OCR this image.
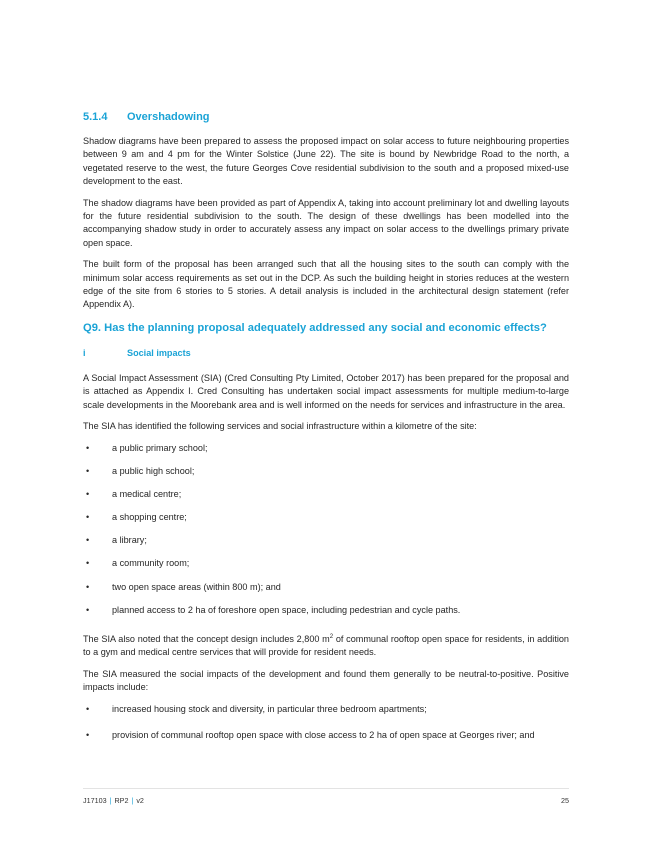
5.1.4 Overshadowing

Shadow diagrams have been prepared to assess the proposed impact on solar access to future neighbouring properties between 9 am and 4 pm for the Winter Solstice (June 22). The site is bound by Newbridge Road to the north, a vegetated reserve to the west, the future Georges Cove residential subdivision to the south and a proposed mixed-use development to the east.

The shadow diagrams have been provided as part of Appendix A, taking into account preliminary lot and dwelling layouts for the future residential subdivision to the south. The design of these dwellings has been modelled into the accompanying shadow study in order to accurately assess any impact on solar access to the dwellings primary private open space.

The built form of the proposal has been arranged such that all the housing sites to the south can comply with the minimum solar access requirements as set out in the DCP. As such the building height in stories reduces at the western edge of the site from 6 stories to 5 stories. A detail analysis is included in the architectural design statement (refer Appendix A).

Q9. Has the planning proposal adequately addressed any social and economic effects?
i	Social impacts

A Social Impact Assessment (SIA) (Cred Consulting Pty Limited, October 2017) has been prepared for the proposal and is attached as Appendix I. Cred Consulting has undertaken social impact assessments for multiple medium-to-large scale developments in the Moorebank area and is well informed on the needs for services and infrastructure in the area.

The SIA has identified the following services and social infrastructure within a kilometre of the site:

•	a public primary school;
•	a public high school;
•	a medical centre;
•	a shopping centre;
•	a library;
•	a community room;
•	two open space areas (within 800 m); and
•	planned access to 2 ha of foreshore open space, including pedestrian and cycle paths.

The SIA also noted that the concept design includes 2,800 $m^2$ of communal rooftop open space for residents, in addition to a gym and medical centre services that will provide for resident needs.

The SIA measured the social impacts of the development and found them generally to be neutral-to-positive. Positive impacts include:

•	increased housing stock and diversity, in particular three bedroom apartments;
•	provision of communal rooftop open space with close access to 2 ha of open space at Georges river; and
J17103 | RP2 | v2	25
